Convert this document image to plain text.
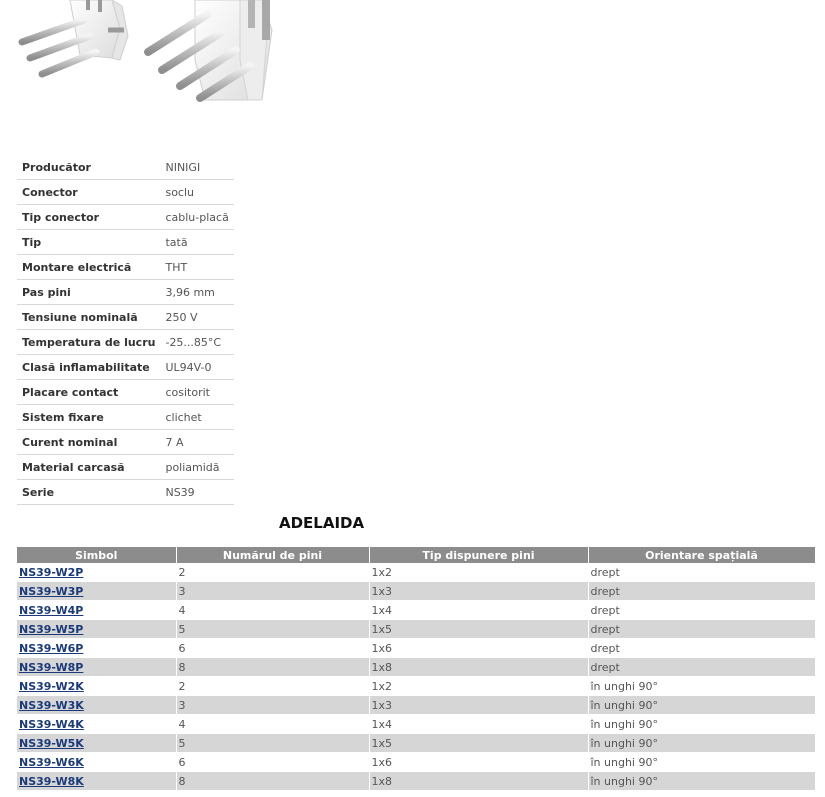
Producător	NINIGI
Conector	soclu
Tip conector	cablu-placă
Tip	tată
Montare electrică	THT
Pas pini	3,96 mm
Tensiune nominală	250 V
Temperatura de lucru	-25...85°C
Clasă inflamabilitate	UL94V-0
Placare contact	cositorit
Sistem fixare	clichet
Curent nominal	7 A
Material carcasă	poliamidă
Serie	NS39
ADELAIDA
Simbol	Numărul de pini	Tip dispunere pini	Orientare spațială
NS39-W2P	2	1x2	drept
NS39-W3P	3	1x3	drept
NS39-W4P	4	1x4	drept
NS39-W5P	5	1x5	drept
NS39-W6P	6	1x6	drept
NS39-W8P	8	1x8	drept
NS39-W2K	2	1x2	în unghi 90°
NS39-W3K	3	1x3	în unghi 90°
NS39-W4K	4	1x4	în unghi 90°
NS39-W5K	5	1x5	în unghi 90°
NS39-W6K	6	1x6	în unghi 90°
NS39-W8K	8	1x8	în unghi 90°
